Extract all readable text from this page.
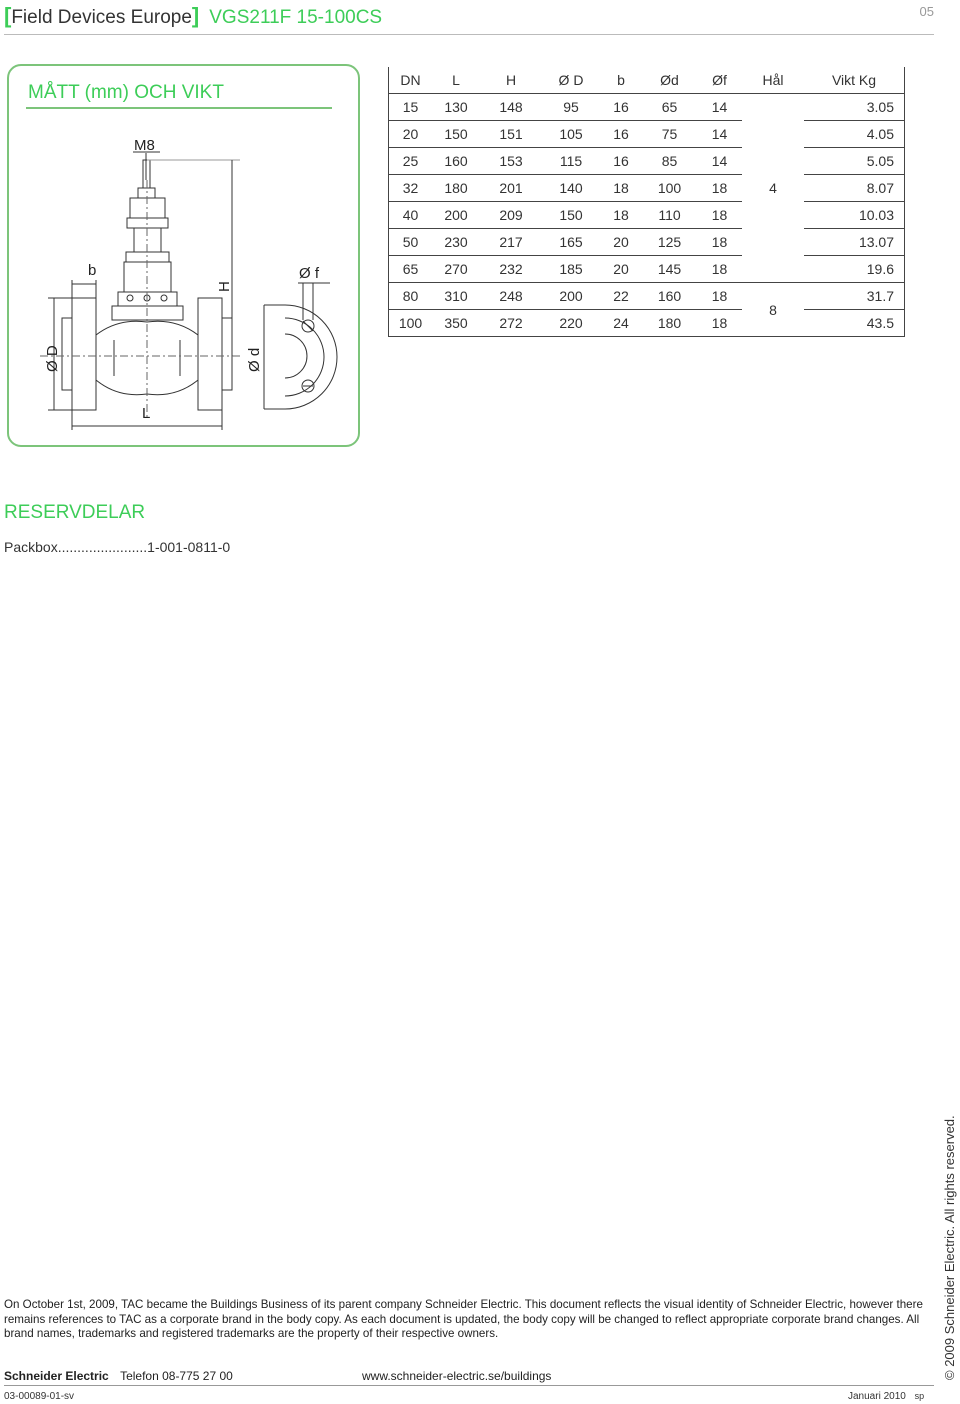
[Field Devices Europe] VGS211F 15-100CS	05
MÅTT (mm) OCH VIKT
M8
b
H
Ø f
Ø D	Ø d
L
DN	L	H	Ø D	b	Ød	Øf	Hål	Vikt Kg
15	130	148	95	16	65	14	4	3.05
20	150	151	105	16	75	14		4.05
25	160	153	115	16	85	14		5.05
32	180	201	140	18	100	18		8.07
40	200	209	150	18	110	18		10.03
50	230	217	165	20	125	18		13.07
65	270	232	185	20	145	18		19.6
80	310	248	200	22	160	18	8	31.7
100	350	272	220	24	180	18		43.5
RESERVDELAR
Packbox.......................1-001-0811-0
On October 1st, 2009, TAC became the Buildings Business of its parent company Schneider Electric. This document reflects the visual identity of Schneider Electric, however there remains references to TAC as a corporate brand in the body copy. As each document is updated, the body copy will be changed to reflect appropriate corporate brand changes. All brand names, trademarks and registered trademarks are the property of their respective owners.
Schneider Electric Telefon 08-775 27 00	www.schneider-electric.se/buildings
03-00089-01-sv	Januari 2010 sp
© 2009 Schneider Electric. All rights reserved.
